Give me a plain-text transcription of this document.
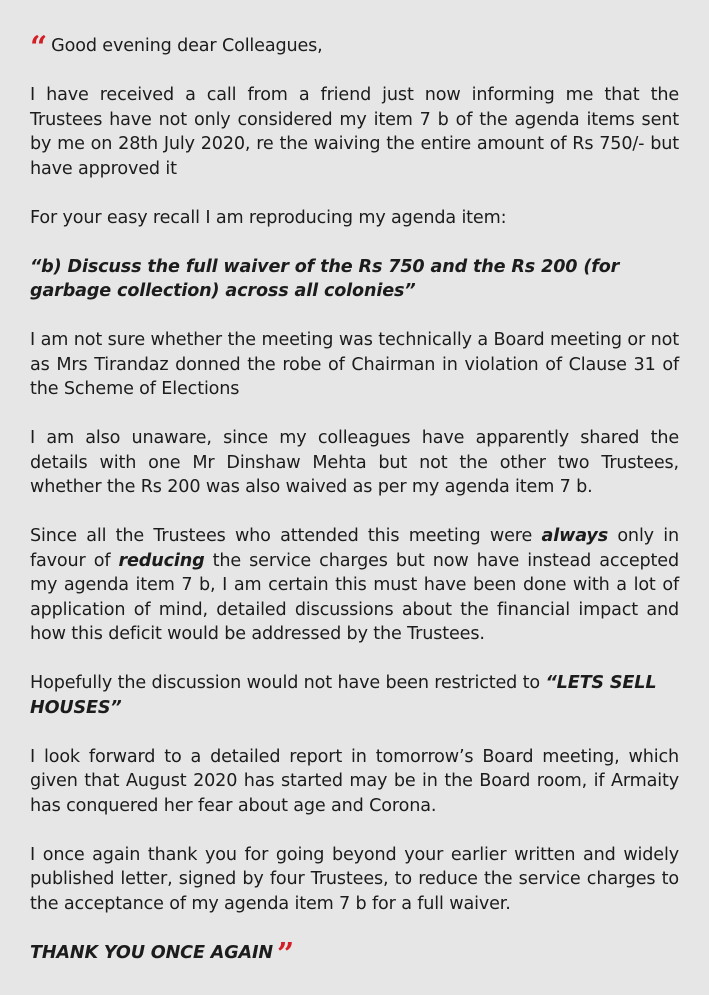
“ Good evening dear Colleagues,

I have received a call from a friend just now informing me that the Trustees have not only considered my item 7 b of the agenda items sent by me on 28th July 2020, re the waiving the entire amount of Rs 750/- but have approved it

For your easy recall I am reproducing my agenda item:

“b) Discuss the full waiver of the Rs 750 and the Rs 200 (for garbage collection) across all colonies”

I am not sure whether the meeting was technically a Board meeting or not as Mrs Tirandaz donned the robe of Chairman in violation of Clause 31 of the Scheme of Elections

I am also unaware, since my colleagues have apparently shared the details with one Mr Dinshaw Mehta but not the other two Trustees, whether the Rs 200 was also waived as per my agenda item 7 b.

Since all the Trustees who attended this meeting were always only in favour of reducing the service charges but now have instead accepted my agenda item 7 b, I am certain this must have been done with a lot of application of mind, detailed discussions about the financial impact and how this deficit would be addressed by the Trustees.

Hopefully the discussion would not have been restricted to “LETS SELL HOUSES”

I look forward to a detailed report in tomorrow’s Board meeting, which given that August 2020 has started may be in the Board room, if Armaity has conquered her fear about age and Corona.

I once again thank you for going beyond your earlier written and widely published letter, signed by four Trustees, to reduce the service charges to the acceptance of my agenda item 7 b for a full waiver.

THANK YOU ONCE AGAIN ”
